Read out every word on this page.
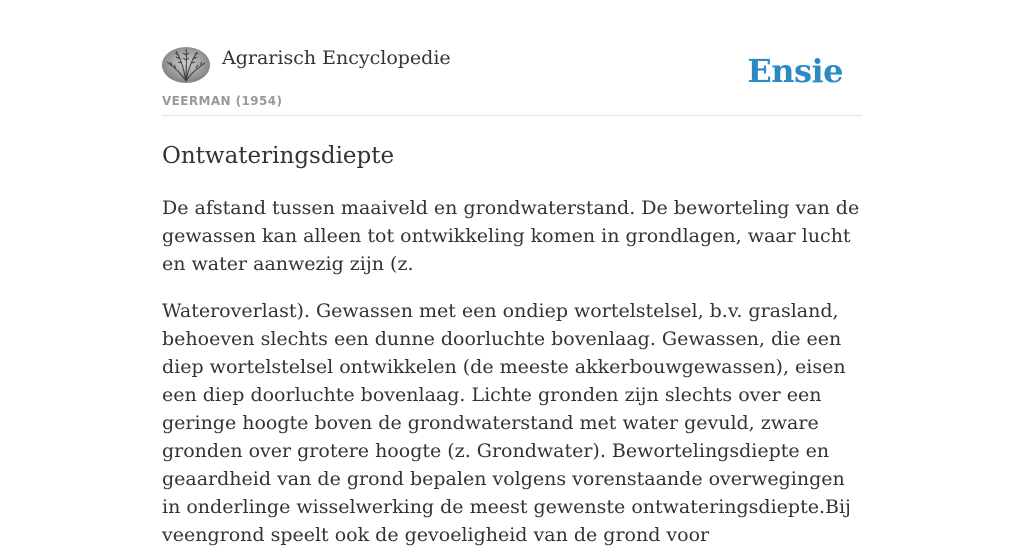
Agrarisch Encyclopedie
VEERMAN (1954)
Ensie
Ontwateringsdiepte

De afstand tussen maaiveld en grondwaterstand. De beworteling van de gewassen kan alleen tot ontwikkeling komen in grondlagen, waar lucht en water aanwezig zijn (z.

Wateroverlast). Gewassen met een ondiep wortelstelsel, b.v. grasland, behoeven slechts een dunne doorluchte bovenlaag. Gewassen, die een diep wortelstelsel ontwikkelen (de meeste akkerbouwgewassen), eisen een diep doorluchte bovenlaag. Lichte gronden zijn slechts over een geringe hoogte boven de grondwaterstand met water gevuld, zware gronden over grotere hoogte (z. Grondwater). Bewortelingsdiepte en geaardheid van de grond bepalen volgens vorenstaande overwegingen in onderlinge wisselwerking de meest gewenste ontwateringsdiepte.Bij veengrond speelt ook de gevoeligheid van de grond voor
